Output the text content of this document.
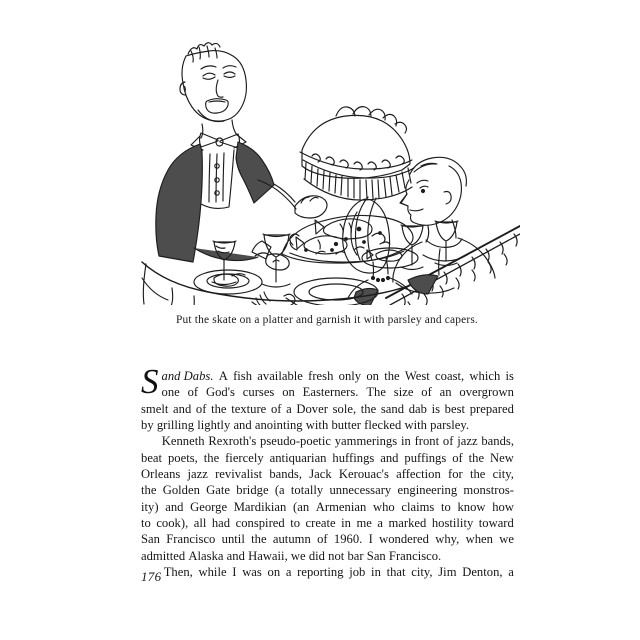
Put the skate on a platter and garnish it with parsley and capers.
S and Dabs. A fish available fresh only on the West coast, which is
one of God's curses on Easterners. The size of an overgrown
smelt and of the texture of a Dover sole, the sand dab is best prepared
by
grilling
lightly
and
anointing
with
butter
flecked
with
parsley.
Kenneth Rexroth's pseudo-poetic yammerings in front of jazz bands,
beat poets, the fiercely antiquarian huffings and puffings of the New
Orleans jazz revivalist bands, Jack Kerouac's affection for the city,
the Golden Gate bridge (a totally unnecessary engineering monstros-
ity) and George Mardikian (an Armenian who claims to know how
to cook), all had conspired to create in me a marked hostility toward
San Francisco until the autumn of 1960. I wondered why, when we
admitted
Alaska
and
Hawaii,
we
did
not
bar
San
Francisco.
Then, while I was on a reporting job in that city, Jim Denton, a
176
